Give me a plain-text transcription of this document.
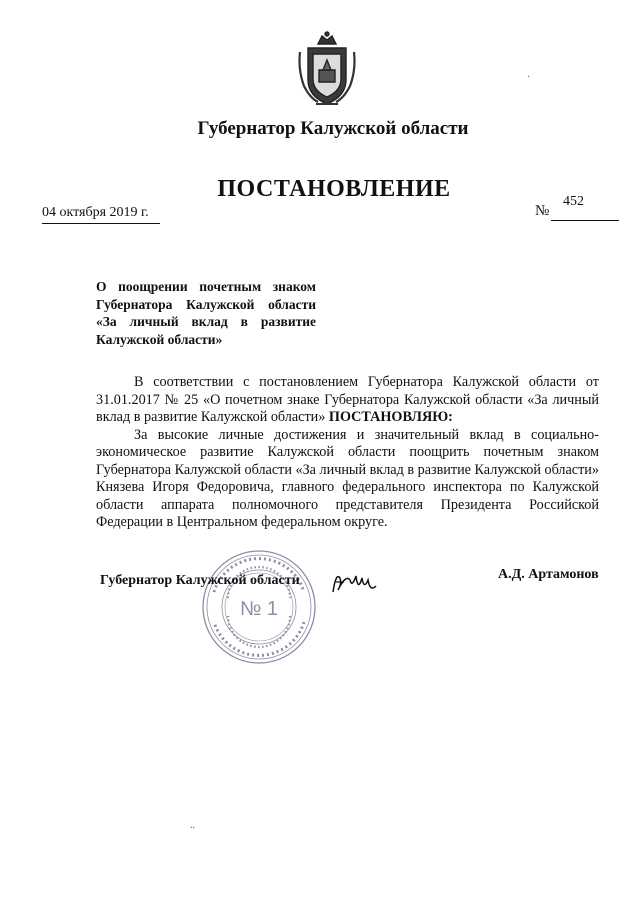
Губернатор Калужской области
ПОСТАНОВЛЕНИЕ
04 октября 2019 г.	№
452
О поощрении почетным знаком Губернатора Калужской области «За личный вклад в развитие Калужской области»

В соответствии с постановлением Губернатора Калужской области от 31.01.2017 № 25 «О почетном знаке Губернатора Калужской области «За личный вклад в развитие Калужской области» ПОСТАНОВЛЯЮ:

За высокие личные достижения и значительный вклад в социально-экономическое развитие Калужской области поощрить почетным знаком Губернатора Калужской области «За личный вклад в развитие Калужской области» Князева Игоря Федоровича, главного федерального инспектора по Калужской области аппарата полномочного представителя Президента Российской Федерации в Центральном федеральном округе.

№ 1
Губернатор Калужской области	А.Д. Артамонов
·
..
